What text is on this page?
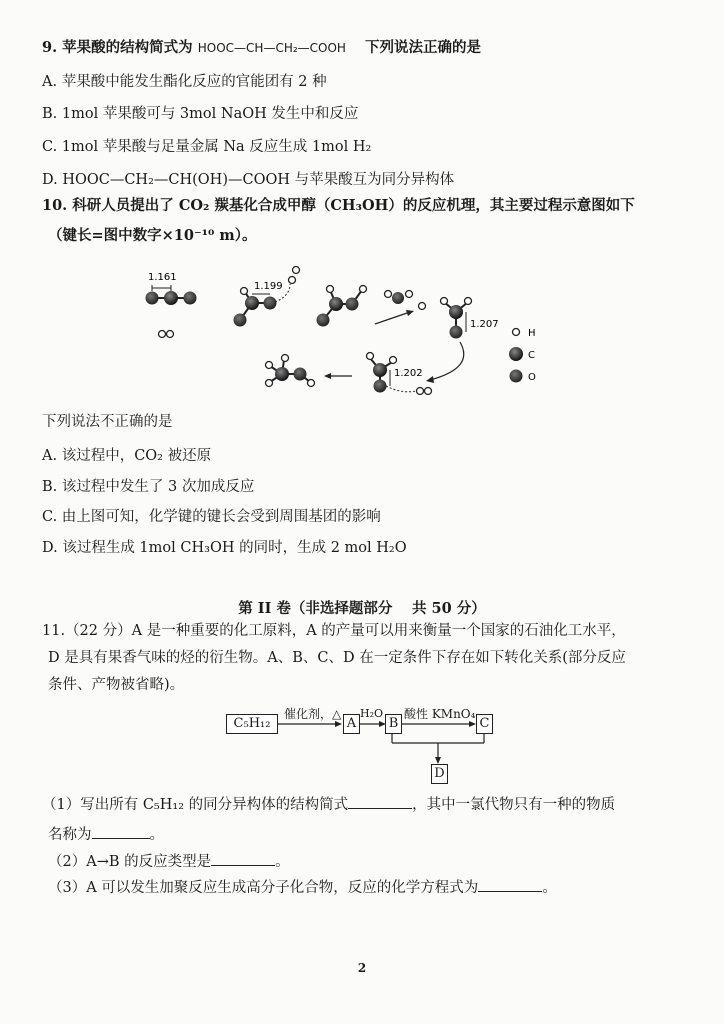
9. 苹果酸的结构简式为 HOOC—CH—CH₂—COOH 下列说法正确的是
A. 苹果酸中能发生酯化反应的官能团有 2 种
B. 1mol 苹果酸可与 3mol NaOH 发生中和反应
C. 1mol 苹果酸与足量金属 Na 反应生成 1mol H₂
D. HOOC—CH₂—CH(OH)—COOH 与苹果酸互为同分异构体
10. 科研人员提出了 CO₂ 羰基化合成甲醇（CH₃OH）的反应机理，其主要过程示意图如下
（键长=图中数字×10⁻¹⁰ m）。
1.161
1.199
1.207
1.202
H
C
O
下列说法不正确的是
A. 该过程中，CO₂ 被还原
B. 该过程中发生了 3 次加成反应
C. 由上图可知，化学键的键长会受到周围基团的影响
D. 该过程生成 1mol CH₃OH 的同时，生成 2 mol H₂O
第 II 卷（非选择题部分　 共 50 分）
11.（22 分）A 是一种重要的化工原料，A 的产量可以用来衡量一个国家的石油化工水平，
D 是具有果香气味的烃的衍生物。A、B、C、D 在一定条件下存在如下转化关系(部分反应
条件、产物被省略)。
C₅H₁₂
催化剂，△
A
H₂O
B
酸性 KMnO₄
C
D
（1）写出所有 C₅H₁₂ 的同分异构体的结构简式	，其中一氯代物只有一种的物质
名称为	。
（2）A→B 的反应类型是	。
（3）A 可以发生加聚反应生成高分子化合物，反应的化学方程式为	。
2
